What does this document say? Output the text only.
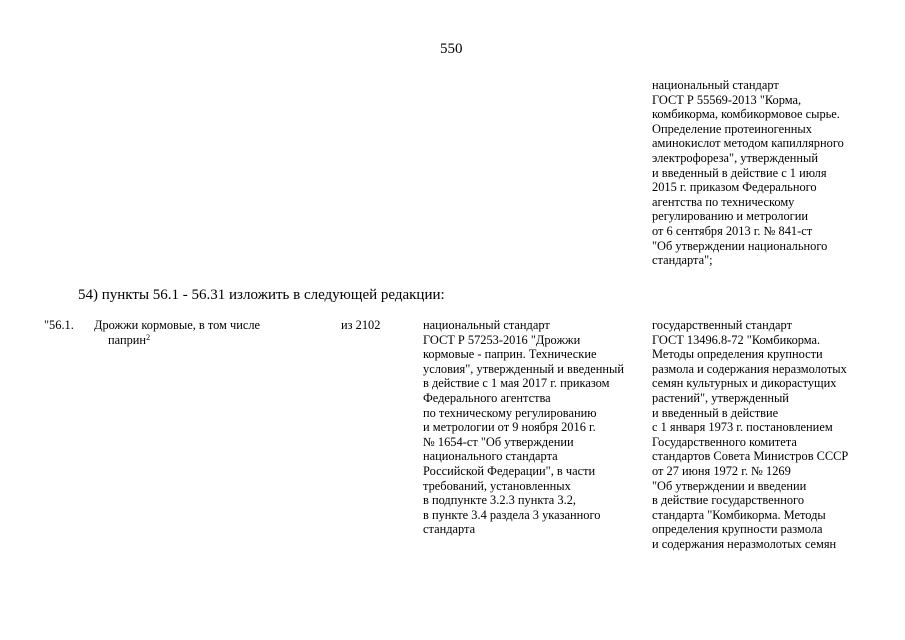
550
национальный стандарт
ГОСТ Р 55569-2013 "Корма,
комбикорма, комбикормовое сырье.
Определение протеиногенных
аминокислот методом капиллярного
электрофореза", утвержденный
и введенный в действие с 1 июля
2015 г. приказом Федерального
агентства по техническому
регулированию и метрологии
от 6 сентября 2013 г. № 841-ст
"Об утверждении национального
стандарта";
54) пункты 56.1 - 56.31 изложить в следующей редакции:
"56.1. Дрожжи кормовые, в том числе
паприн$^2$
из 2102	национальный стандарт
ГОСТ Р 57253-2016 "Дрожжи
кормовые - паприн. Технические
условия", утвержденный и введенный
в действие с 1 мая 2017 г. приказом
Федерального агентства
по техническому регулированию
и метрологии от 9 ноября 2016 г.
№ 1654-ст "Об утверждении
национального стандарта
Российской Федерации", в части
требований, установленных
в подпункте 3.2.3 пункта 3.2,
в пункте 3.4 раздела 3 указанного
стандарта
государственный стандарт
ГОСТ 13496.8-72 "Комбикорма.
Методы определения крупности
размола и содержания неразмолотых
семян культурных и дикорастущих
растений", утвержденный
и введенный в действие
с 1 января 1973 г. постановлением
Государственного комитета
стандартов Совета Министров СССР
от 27 июня 1972 г. № 1269
"Об утверждении и введении
в действие государственного
стандарта "Комбикорма. Методы
определения крупности размола
и содержания неразмолотых семян
